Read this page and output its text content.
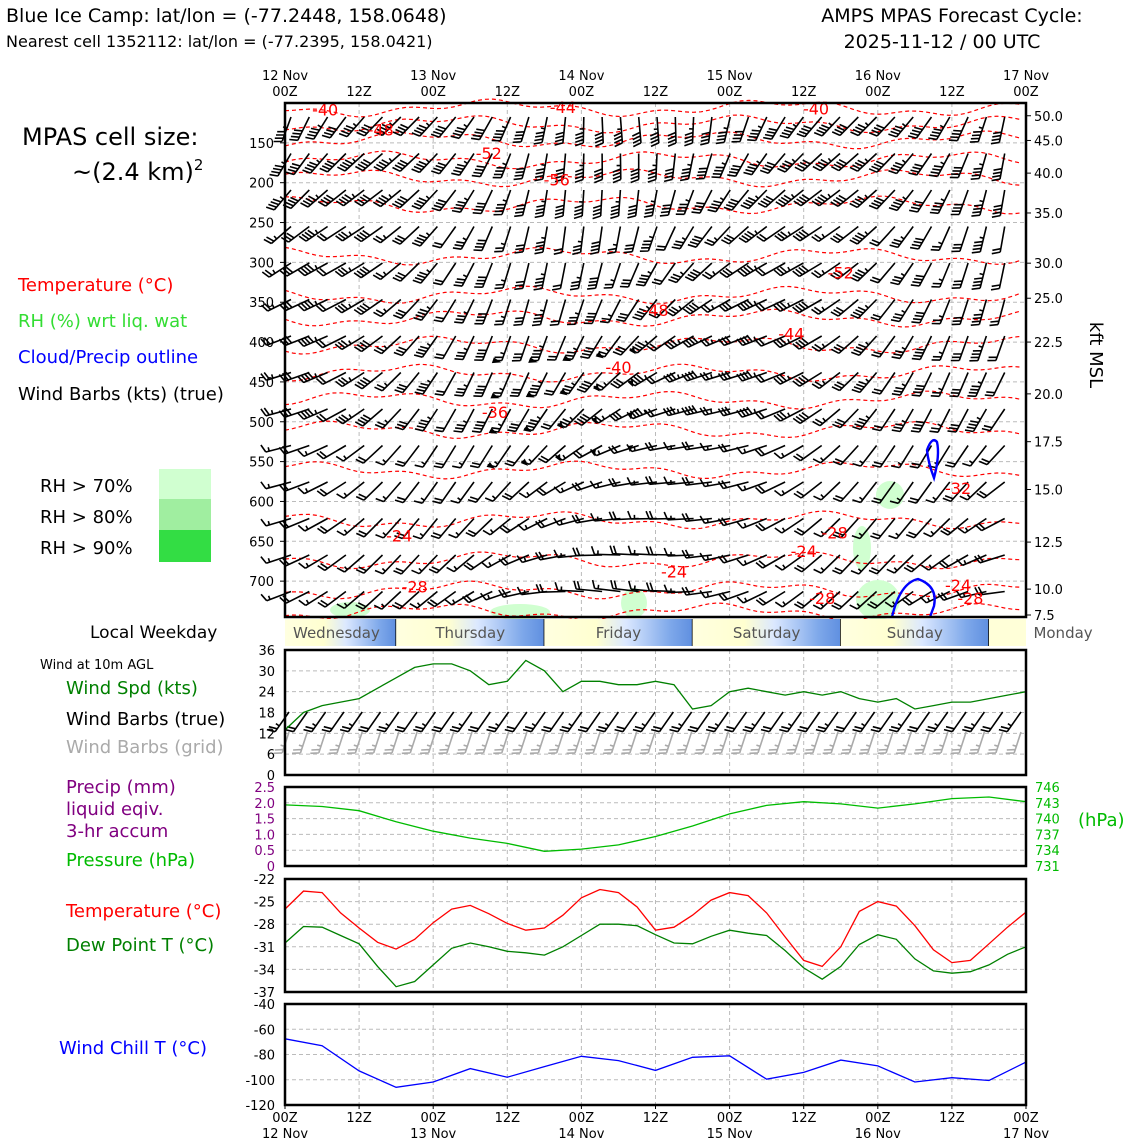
Blue Ice Camp: lat/lon = (-77.2448, 158.0648)
Nearest cell 1352112: lat/lon = (-77.2395, 158.0421)
AMPS MPAS Forecast Cycle:
2025-11-12 / 00 UTC
MPAS cell size:
~(2.4 km)$^2$
Temperature (°C)
RH (%) wrt liq. wat
Cloud/Precip outline
Wind Barbs (kts) (true)
RH > 70%
RH > 80%
RH > 90%
12 Nov
00Z	12Z
13 Nov
00Z	12Z
14 Nov
00Z	12Z
15 Nov
00Z	12Z
16 Nov
00Z	12Z
17 Nov
00Z
-40	-44	-40
-48
-52
-56
-52
-48
-44
-40
-36
-32
-28
-24
-24
-24
-28
-28
-24
-28
150
200
250
300
350
400
450
500
550
600
650
700
50.0
45.0
40.0
35.0
30.0
25.0
22.5
20.0
17.5
15.0
12.5
10.0
7.5
kft MSL
Local Weekday	Wednesday	Thursday	Friday	Saturday	Sunday	Monday
Wind at 10m AGL
Wind Spd (kts)
Wind Barbs (true)
Wind Barbs (grid)
0
6
12
18
24
30
36
Precip (mm)
liquid eqiv.
3-hr accum
Pressure (hPa)
(hPa)
0
0.5
1.0
1.5
2.0
2.5
731
734
737
740
743
746
Temperature (°C)
Dew Point T (°C)
-22
-25
-28
-31
-34
-37
Wind Chill T (°C)
-40
-60
-80
-100
-120
00Z
12 Nov
12Z	00Z
13 Nov
12Z	00Z
14 Nov
12Z	00Z
15 Nov
12Z	00Z
16 Nov
12Z	00Z
17 Nov
